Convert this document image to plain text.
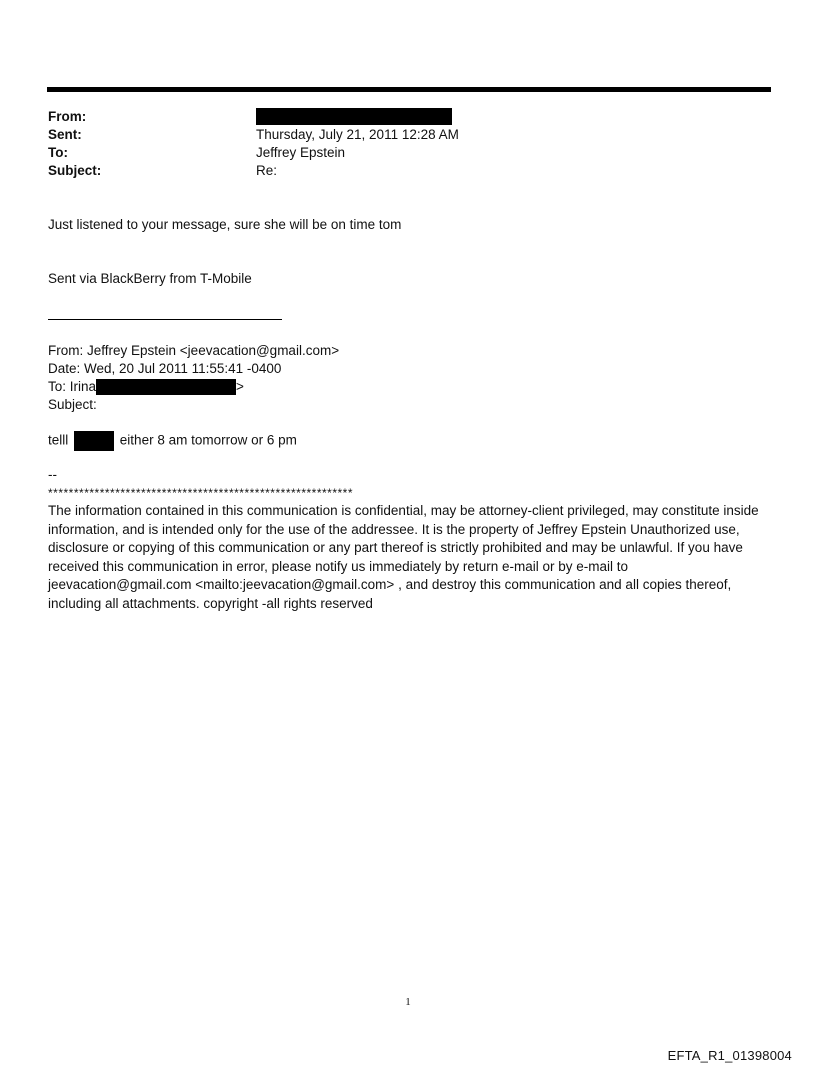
From:
Sent:	Thursday, July 21, 2011 12:28 AM
To:	Jeffrey Epstein
Subject:	Re:
Just listened to your message, sure she will be on time tom
Sent via BlackBerry from T-Mobile
From: Jeffrey Epstein <jeevacation@gmail.com>
Date: Wed, 20 Jul 2011 11:55:41 -0400
To: Irina	>
Subject:
telll	either 8 am tomorrow or 6 pm
--
***********************************************************
The information contained in this communication is confidential, may be attorney-client privileged, may constitute inside information, and is intended only for the use of the addressee. It is the property of Jeffrey Epstein Unauthorized use, disclosure or copying of this communication or any part thereof is strictly prohibited and may be unlawful. If you have received this communication in error, please notify us immediately by return e-mail or by e-mail to jeevacation@gmail.com <mailto:jeevacation@gmail.com> , and destroy this communication and all copies thereof, including all attachments. copyright -all rights reserved
1
EFTA_R1_01398004
